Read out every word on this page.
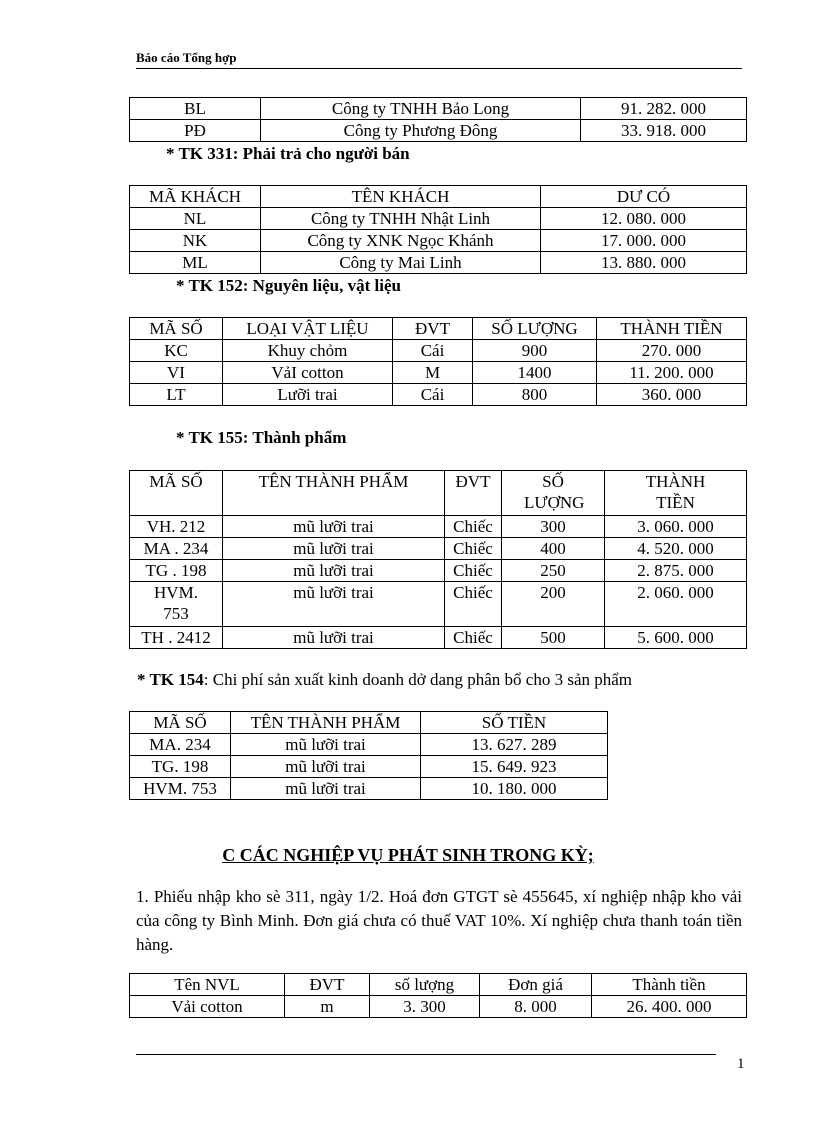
Báo cáo Tổng hợp
BL	Công ty TNHH Bảo Long	91. 282. 000
PĐ	Công ty Phương Đông	33. 918. 000
* TK 331: Phải trả cho người bán
MÃ KHÁCH	TÊN KHÁCH	DƯ CÓ
NL	Công ty TNHH Nhật Linh	12. 080. 000
NK	Công ty XNK Ngọc Khánh	17. 000. 000
ML	Công ty Mai Linh	13. 880. 000
* TK 152: Nguyên liệu, vật liệu
MÃ SỐ	LOẠI VẬT LIỆU	ĐVT	SỐ LƯỢNG	THÀNH TIỀN
KC	Khuy chỏm	Cái	900	270. 000
VI	VảI cotton	M	1400	11. 200. 000
LT	Lưỡi trai	Cái	800	360. 000
* TK 155: Thành phẩm
MÃ SỐ	TÊN THÀNH PHẨM	ĐVT	SỐ LƯỢNG	THÀNH TIỀN
VH. 212	mũ lưỡi trai	Chiếc	300	3. 060. 000
MA . 234	mũ lưỡi trai	Chiếc	400	4. 520. 000
TG . 198	mũ lưỡi trai	Chiếc	250	2. 875. 000
HVM. 753	mũ lưỡi trai	Chiếc	200	2. 060. 000
TH . 2412	mũ lưỡi trai	Chiếc	500	5. 600. 000
* TK 154: Chi phí sản xuất kinh doanh dở dang phân bổ cho 3 sản phẩm
MÃ SỐ	TÊN THÀNH PHẨM	SỐ TIỀN
MA. 234	mũ lưỡi trai	13. 627. 289
TG. 198	mũ lưỡi trai	15. 649. 923
HVM. 753	mũ lưỡi trai	10. 180. 000
C CÁC NGHIỆP VỤ PHÁT SINH TRONG KỲ;
1. Phiếu nhập kho sè 311, ngày 1/2. Hoá đơn GTGT sè 455645, xí nghiệp nhập kho vải của công ty Bình Minh. Đơn giá chưa có thuế VAT 10%. Xí nghiệp chưa thanh toán tiền hàng.
Tên NVL	ĐVT	số lượng	Đơn giá	Thành tiền
Vải cotton	m	3. 300	8. 000	26. 400. 000
1
